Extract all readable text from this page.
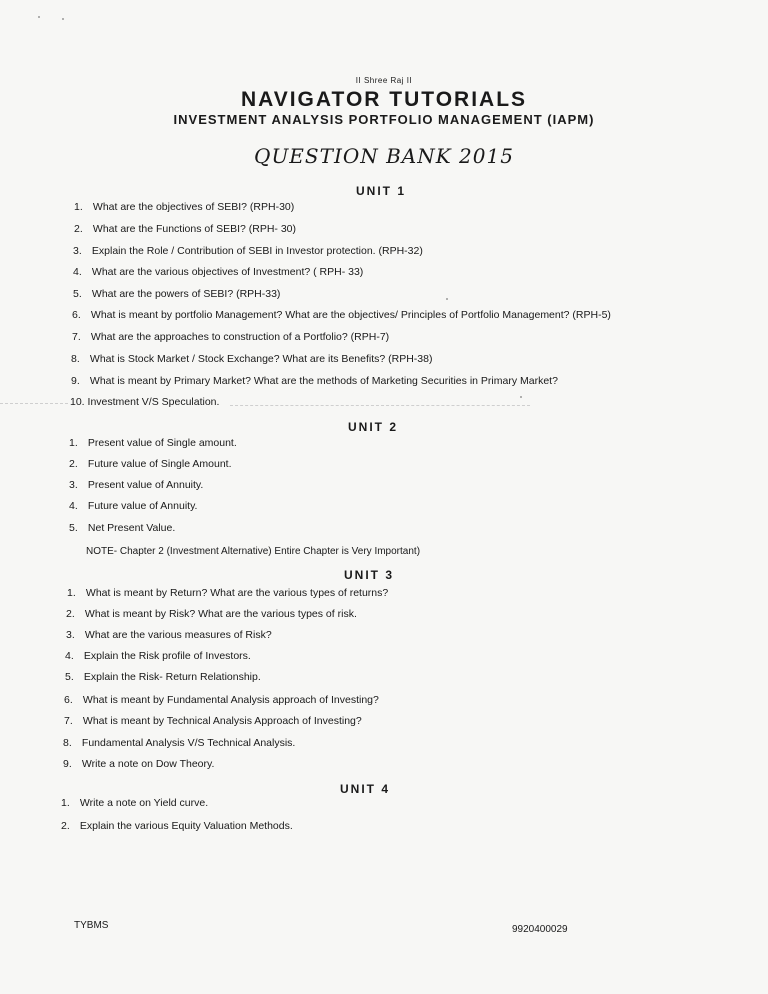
II Shree Raj II
NAVIGATOR TUTORIALS
INVESTMENT ANALYSIS PORTFOLIO MANAGEMENT (IAPM)
QUESTION BANK 2015
UNIT 1
1. What are the objectives of SEBI? (RPH-30)
2. What are the Functions of SEBI? (RPH- 30)
3. Explain the Role / Contribution of SEBI in Investor protection. (RPH-32)
4. What are the various objectives of Investment? ( RPH- 33)
5. What are the powers of SEBI? (RPH-33)
6. What is meant by portfolio Management? What are the objectives/ Principles of Portfolio Management? (RPH-5)
7. What are the approaches to construction of a Portfolio? (RPH-7)
8. What is Stock Market / Stock Exchange? What are its Benefits? (RPH-38)
9. What is meant by Primary Market? What are the methods of Marketing Securities in Primary Market?
10. Investment V/S Speculation.
UNIT 2
1. Present value of Single amount.
2. Future value of Single Amount.
3. Present value of Annuity.
4. Future value of Annuity.
5. Net Present Value.
NOTE- Chapter 2 (Investment Alternative) Entire Chapter is Very Important)
UNIT 3
1. What is meant by Return? What are the various types of returns?
2. What is meant by Risk? What are the various types of risk.
3. What are the various measures of Risk?
4. Explain the Risk profile of Investors.
5. Explain the Risk- Return Relationship.
6. What is meant by Fundamental Analysis approach of Investing?
7. What is meant by Technical Analysis Approach of Investing?
8. Fundamental Analysis V/S Technical Analysis.
9. Write a note on Dow Theory.
UNIT 4
1. Write a note on Yield curve.
2. Explain the various Equity Valuation Methods.
TYBMS	9920400029
